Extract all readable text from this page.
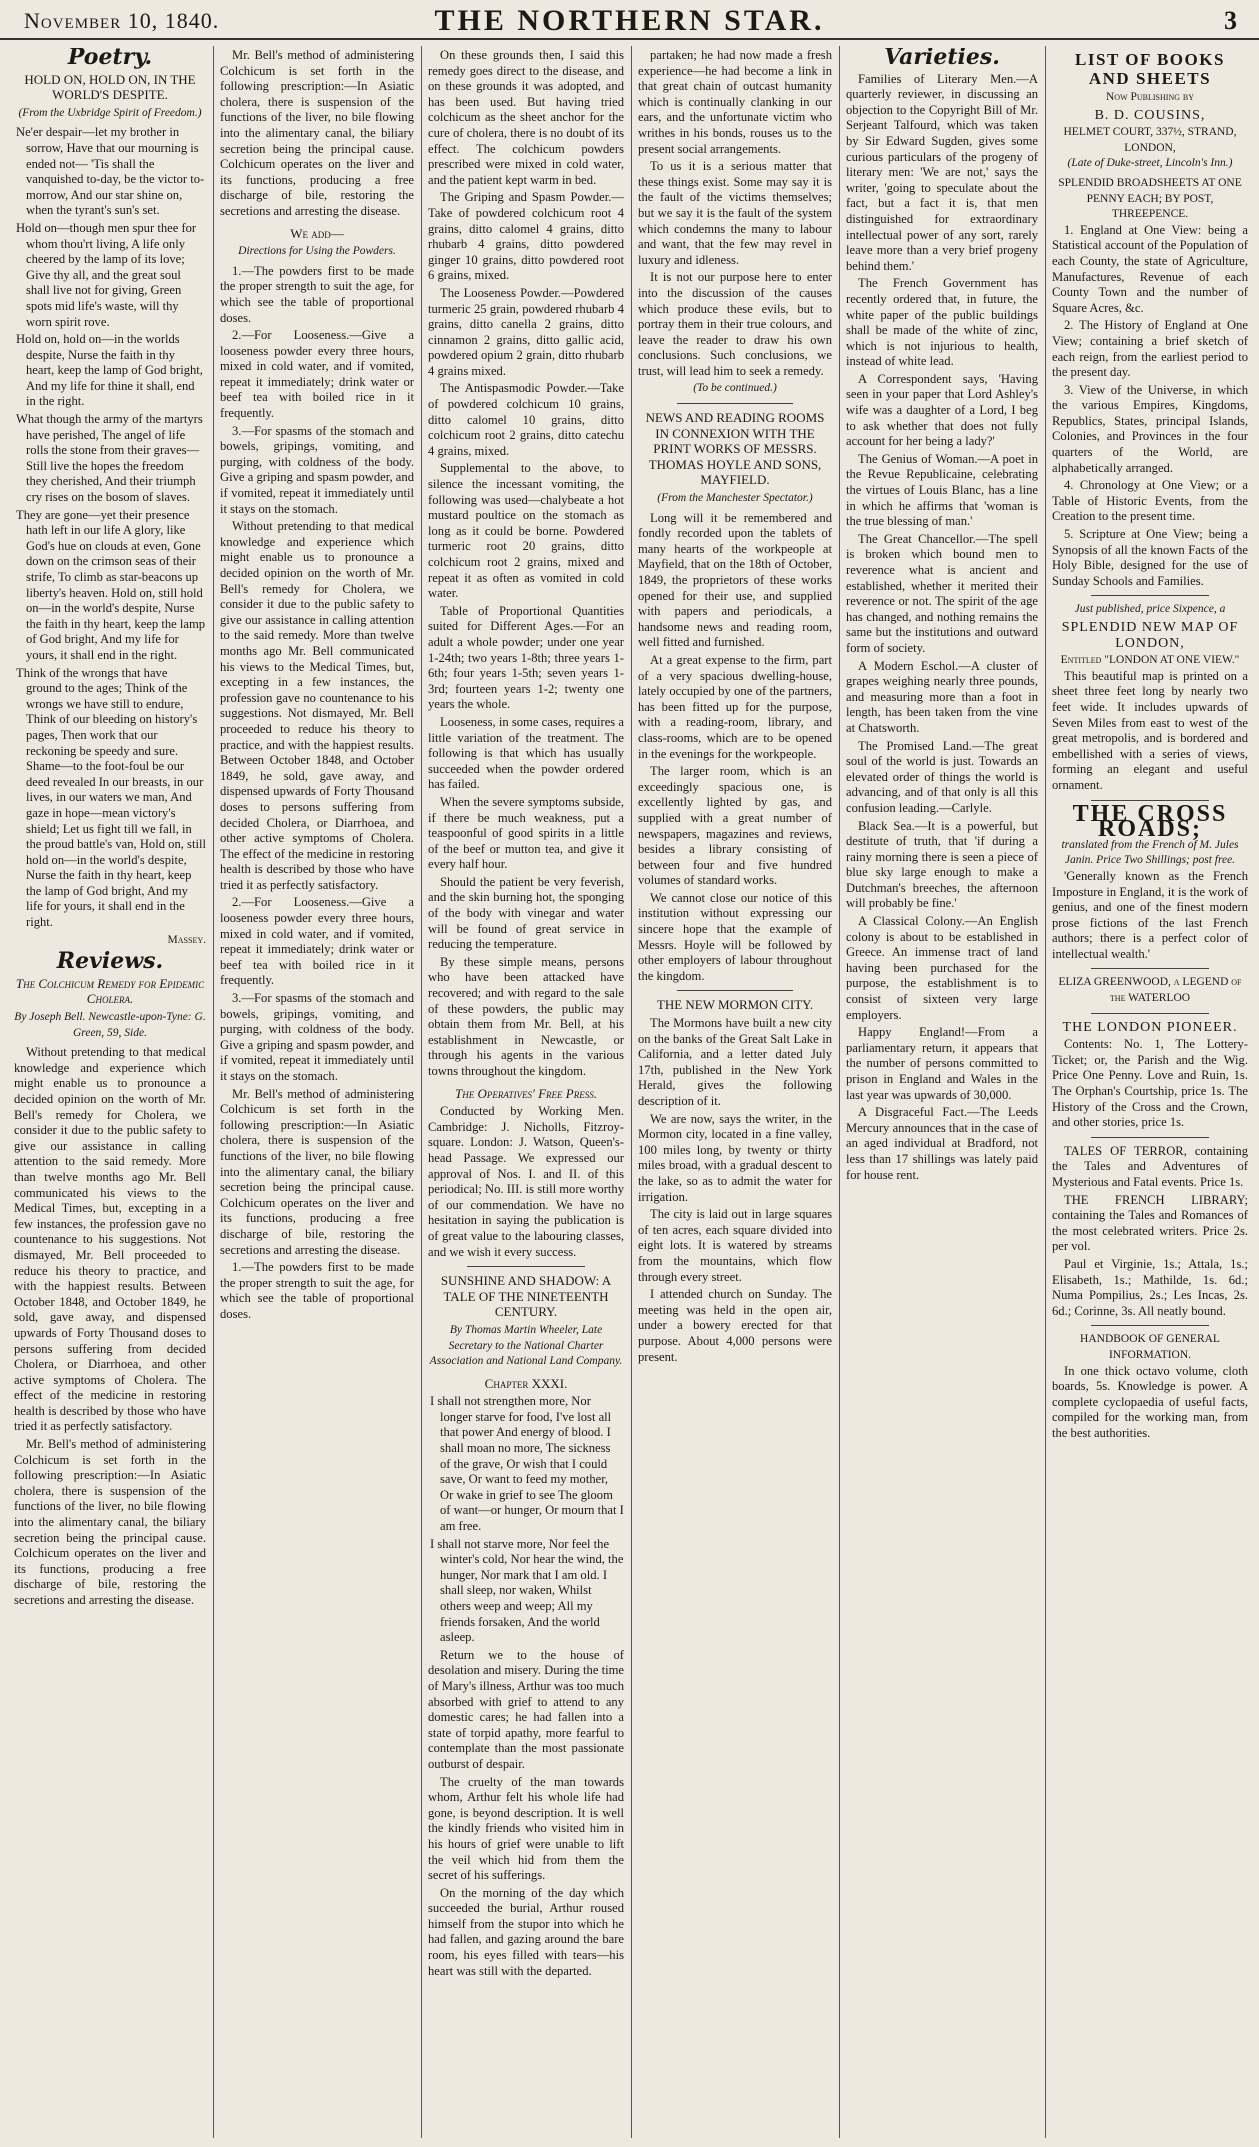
November 10, 1840.	THE NORTHERN STAR.	3
Poetry.
HOLD ON, HOLD ON, IN THE WORLD'S DESPITE.
(From the Uxbridge Spirit of Freedom.)

Ne'er despair—let my brother in sorrow, Have that our mourning is ended not— 'Tis shall the vanquished to-day, be the victor to-morrow, And our star shine on, when the tyrant's sun's set.

Hold on—though men spur thee for whom thou'rt living, A life only cheered by the lamp of its love; Give thy all, and the great soul shall live not for giving, Green spots mid life's waste, will thy worn spirit rove.

Hold on, hold on—in the worlds despite, Nurse the faith in thy heart, keep the lamp of God bright, And my life for thine it shall, end in the right.

What though the army of the martyrs have perished, The angel of life rolls the stone from their graves— Still live the hopes the freedom they cherished, And their triumph cry rises on the bosom of slaves.

They are gone—yet their presence hath left in our life A glory, like God's hue on clouds at even, Gone down on the crimson seas of their strife, To climb as star-beacons up liberty's heaven. Hold on, still hold on—in the world's despite, Nurse the faith in thy heart, keep the lamp of God bright, And my life for yours, it shall end in the right.

Think of the wrongs that have ground to the ages; Think of the wrongs we have still to endure, Think of our bleeding on history's pages, Then work that our reckoning be speedy and sure. Shame—to the foot-foul be our deed revealed In our breasts, in our lives, in our waters we man, And gaze in hope—mean victory's shield; Let us fight till we fall, in the proud battle's van, Hold on, still hold on—in the world's despite, Nurse the faith in thy heart, keep the lamp of God bright, And my life for yours, it shall end in the right.

Massey.
Reviews.
The Colchicum Remedy for Epidemic Cholera.
By Joseph Bell. Newcastle-upon-Tyne: G. Green, 59, Side.

Without pretending to that medical knowledge and experience which might enable us to pronounce a decided opinion on the worth of Mr. Bell's remedy for Cholera, we consider it due to the public safety to give our assistance in calling attention to the said remedy. More than twelve months ago Mr. Bell communicated his views to the Medical Times, but, excepting in a few instances, the profession gave no countenance to his suggestions. Not dismayed, Mr. Bell proceeded to reduce his theory to practice, and with the happiest results. Between October 1848, and October 1849, he sold, gave away, and dispensed upwards of Forty Thousand doses to persons suffering from decided Cholera, or Diarrhoea, and other active symptoms of Cholera. The effect of the medicine in restoring health is described by those who have tried it as perfectly satisfactory.

Mr. Bell's method of administering Colchicum is set forth in the following prescription:—In Asiatic cholera, there is suspension of the functions of the liver, no bile flowing into the alimentary canal, the biliary secretion being the principal cause. Colchicum operates on the liver and its functions, producing a free discharge of bile, restoring the secretions and arresting the disease.

Mr. Bell's method of administering Colchicum is set forth in the following prescription:—In Asiatic cholera, there is suspension of the functions of the liver, no bile flowing into the alimentary canal, the biliary secretion being the principal cause. Colchicum operates on the liver and its functions, producing a free discharge of bile, restoring the secretions and arresting the disease.

We add—
Directions for Using the Powders.

1.—The powders first to be made the proper strength to suit the age, for which see the table of proportional doses.

2.—For Looseness.—Give a looseness powder every three hours, mixed in cold water, and if vomited, repeat it immediately; drink water or beef tea with boiled rice in it frequently.

3.—For spasms of the stomach and bowels, gripings, vomiting, and purging, with coldness of the body. Give a griping and spasm powder, and if vomited, repeat it immediately until it stays on the stomach.

Without pretending to that medical knowledge and experience which might enable us to pronounce a decided opinion on the worth of Mr. Bell's remedy for Cholera, we consider it due to the public safety to give our assistance in calling attention to the said remedy. More than twelve months ago Mr. Bell communicated his views to the Medical Times, but, excepting in a few instances, the profession gave no countenance to his suggestions. Not dismayed, Mr. Bell proceeded to reduce his theory to practice, and with the happiest results. Between October 1848, and October 1849, he sold, gave away, and dispensed upwards of Forty Thousand doses to persons suffering from decided Cholera, or Diarrhoea, and other active symptoms of Cholera. The effect of the medicine in restoring health is described by those who have tried it as perfectly satisfactory.

2.—For Looseness.—Give a looseness powder every three hours, mixed in cold water, and if vomited, repeat it immediately; drink water or beef tea with boiled rice in it frequently.

3.—For spasms of the stomach and bowels, gripings, vomiting, and purging, with coldness of the body. Give a griping and spasm powder, and if vomited, repeat it immediately until it stays on the stomach.

Mr. Bell's method of administering Colchicum is set forth in the following prescription:—In Asiatic cholera, there is suspension of the functions of the liver, no bile flowing into the alimentary canal, the biliary secretion being the principal cause. Colchicum operates on the liver and its functions, producing a free discharge of bile, restoring the secretions and arresting the disease.

1.—The powders first to be made the proper strength to suit the age, for which see the table of proportional doses.

On these grounds then, I said this remedy goes direct to the disease, and on these grounds it was adopted, and has been used. But having tried colchicum as the sheet anchor for the cure of cholera, there is no doubt of its effect. The colchicum powders prescribed were mixed in cold water, and the patient kept warm in bed.

The Griping and Spasm Powder.—Take of powdered colchicum root 4 grains, ditto calomel 4 grains, ditto rhubarb 4 grains, ditto powdered ginger 10 grains, ditto powdered root 6 grains, mixed.

The Looseness Powder.—Powdered turmeric 25 grain, powdered rhubarb 4 grains, ditto canella 2 grains, ditto cinnamon 2 grains, ditto gallic acid, powdered opium 2 grain, ditto rhubarb 4 grains mixed.

The Antispasmodic Powder.—Take of powdered colchicum 10 grains, ditto calomel 10 grains, ditto colchicum root 2 grains, ditto catechu 4 grains, mixed.

Supplemental to the above, to silence the incessant vomiting, the following was used—chalybeate a hot mustard poultice on the stomach as long as it could be borne. Powdered turmeric root 20 grains, ditto colchicum root 2 grains, mixed and repeat it as often as vomited in cold water.

Table of Proportional Quantities suited for Different Ages.—For an adult a whole powder; under one year 1-24th; two years 1-8th; three years 1-6th; four years 1-5th; seven years 1-3rd; fourteen years 1-2; twenty one years the whole.

Looseness, in some cases, requires a little variation of the treatment. The following is that which has usually succeeded when the powder ordered has failed.

When the severe symptoms subside, if there be much weakness, put a teaspoonful of good spirits in a little of the beef or mutton tea, and give it every half hour.

Should the patient be very feverish, and the skin burning hot, the sponging of the body with vinegar and water will be found of great service in reducing the temperature.

By these simple means, persons who have been attacked have recovered; and with regard to the sale of these powders, the public may obtain them from Mr. Bell, at his establishment in Newcastle, or through his agents in the various towns throughout the kingdom.

The Operatives' Free Press.

Conducted by Working Men. Cambridge: J. Nicholls, Fitzroy-square. London: J. Watson, Queen's-head Passage. We expressed our approval of Nos. I. and II. of this periodical; No. III. is still more worthy of our commendation. We have no hesitation in saying the publication is of great value to the labouring classes, and we wish it every success.

SUNSHINE AND SHADOW: A TALE OF THE NINETEENTH CENTURY.
By Thomas Martin Wheeler, Late Secretary to the National Charter Association and National Land Company.
Chapter XXXI.

I shall not strengthen more, Nor longer starve for food, I've lost all that power And energy of blood. I shall moan no more, The sickness of the grave, Or wish that I could save, Or want to feed my mother, Or wake in grief to see The gloom of want—or hunger, Or mourn that I am free.

I shall not starve more, Nor feel the winter's cold, Nor hear the wind, the hunger, Nor mark that I am old. I shall sleep, nor waken, Whilst others weep and weep; All my friends forsaken, And the world asleep.

Return we to the house of desolation and misery. During the time of Mary's illness, Arthur was too much absorbed with grief to attend to any domestic cares; he had fallen into a state of torpid apathy, more fearful to contemplate than the most passionate outburst of despair.

The cruelty of the man towards whom, Arthur felt his whole life had gone, is beyond description. It is well the kindly friends who visited him in his hours of grief were unable to lift the veil which hid from them the secret of his sufferings.

On the morning of the day which succeeded the burial, Arthur roused himself from the stupor into which he had fallen, and gazing around the bare room, his eyes filled with tears—his heart was still with the departed.

partaken; he had now made a fresh experience—he had become a link in that great chain of outcast humanity which is continually clanking in our ears, and the unfortunate victim who writhes in his bonds, rouses us to the present social arrangements.

To us it is a serious matter that these things exist. Some may say it is the fault of the victims themselves; but we say it is the fault of the system which condemns the many to labour and want, that the few may revel in luxury and idleness.

It is not our purpose here to enter into the discussion of the causes which produce these evils, but to portray them in their true colours, and leave the reader to draw his own conclusions. Such conclusions, we trust, will lead him to seek a remedy.

(To be continued.)
NEWS AND READING ROOMS IN CONNEXION WITH THE PRINT WORKS OF MESSRS. THOMAS HOYLE AND SONS, MAYFIELD.
(From the Manchester Spectator.)

Long will it be remembered and fondly recorded upon the tablets of many hearts of the workpeople at Mayfield, that on the 18th of October, 1849, the proprietors of these works opened for their use, and supplied with papers and periodicals, a handsome news and reading room, well fitted and furnished.

At a great expense to the firm, part of a very spacious dwelling-house, lately occupied by one of the partners, has been fitted up for the purpose, with a reading-room, library, and class-rooms, which are to be opened in the evenings for the workpeople.

The larger room, which is an exceedingly spacious one, is excellently lighted by gas, and supplied with a great number of newspapers, magazines and reviews, besides a library consisting of between four and five hundred volumes of standard works.

We cannot close our notice of this institution without expressing our sincere hope that the example of Messrs. Hoyle will be followed by other employers of labour throughout the kingdom.

THE NEW MORMON CITY.

The Mormons have built a new city on the banks of the Great Salt Lake in California, and a letter dated July 17th, published in the New York Herald, gives the following description of it.

We are now, says the writer, in the Mormon city, located in a fine valley, 100 miles long, by twenty or thirty miles broad, with a gradual descent to the lake, so as to admit the water for irrigation.

The city is laid out in large squares of ten acres, each square divided into eight lots. It is watered by streams from the mountains, which flow through every street.

I attended church on Sunday. The meeting was held in the open air, under a bowery erected for that purpose. About 4,000 persons were present.

Varieties.

Families of Literary Men.—A quarterly reviewer, in discussing an objection to the Copyright Bill of Mr. Serjeant Talfourd, which was taken by Sir Edward Sugden, gives some curious particulars of the progeny of literary men: 'We are not,' says the writer, 'going to speculate about the fact, but a fact it is, that men distinguished for extraordinary intellectual power of any sort, rarely leave more than a very brief progeny behind them.'

The French Government has recently ordered that, in future, the white paper of the public buildings shall be made of the white of zinc, which is not injurious to health, instead of white lead.

A Correspondent says, 'Having seen in your paper that Lord Ashley's wife was a daughter of a Lord, I beg to ask whether that does not fully account for her being a lady?'

The Genius of Woman.—A poet in the Revue Republicaine, celebrating the virtues of Louis Blanc, has a line in which he affirms that 'woman is the true blessing of man.'

The Great Chancellor.—The spell is broken which bound men to reverence what is ancient and established, whether it merited their reverence or not. The spirit of the age has changed, and nothing remains the same but the institutions and outward form of society.

A Modern Eschol.—A cluster of grapes weighing nearly three pounds, and measuring more than a foot in length, has been taken from the vine at Chatsworth.

The Promised Land.—The great soul of the world is just. Towards an elevated order of things the world is advancing, and of that only is all this confusion leading.—Carlyle.

Black Sea.—It is a powerful, but destitute of truth, that 'if during a rainy morning there is seen a piece of blue sky large enough to make a Dutchman's breeches, the afternoon will probably be fine.'

A Classical Colony.—An English colony is about to be established in Greece. An immense tract of land having been purchased for the purpose, the establishment is to consist of sixteen very large employers.

Happy England!—From a parliamentary return, it appears that the number of persons committed to prison in England and Wales in the last year was upwards of 30,000.

A Disgraceful Fact.—The Leeds Mercury announces that in the case of an aged individual at Bradford, not less than 17 shillings was lately paid for house rent.

LIST OF BOOKS AND SHEETS
Now Publishing by
B. D. COUSINS,
HELMET COURT, 337½, STRAND, LONDON,
(Late of Duke-street, Lincoln's Inn.)
SPLENDID BROADSHEETS AT ONE PENNY EACH; BY POST, THREEPENCE.

1. England at One View: being a Statistical account of the Population of each County, the state of Agriculture, Manufactures, Revenue of each County Town and the number of Square Acres, &c.

2. The History of England at One View; containing a brief sketch of each reign, from the earliest period to the present day.

3. View of the Universe, in which the various Empires, Kingdoms, Republics, States, principal Islands, Colonies, and Provinces in the four quarters of the World, are alphabetically arranged.

4. Chronology at One View; or a Table of Historic Events, from the Creation to the present time.

5. Scripture at One View; being a Synopsis of all the known Facts of the Holy Bible, designed for the use of Sunday Schools and Families.

Just published, price Sixpence, a
SPLENDID NEW MAP OF LONDON,
Entitled "LONDON AT ONE VIEW."

This beautiful map is printed on a sheet three feet long by nearly two feet wide. It includes upwards of Seven Miles from east to west of the great metropolis, and is bordered and embellished with a series of views, forming an elegant and useful ornament.

THE CROSS ROADS;
translated from the French of M. Jules Janin. Price Two Shillings; post free.

'Generally known as the French Imposture in England, it is the work of genius, and one of the finest modern prose fictions of the last French authors; there is a perfect color of intellectual wealth.'

ELIZA GREENWOOD, a LEGEND of the WATERLOO
THE LONDON PIONEER.

Contents: No. 1, The Lottery-Ticket; or, the Parish and the Wig. Price One Penny. Love and Ruin, 1s. The Orphan's Courtship, price 1s. The History of the Cross and the Crown, and other stories, price 1s.

TALES OF TERROR, containing the Tales and Adventures of Mysterious and Fatal events. Price 1s.

THE FRENCH LIBRARY; containing the Tales and Romances of the most celebrated writers. Price 2s. per vol.

Paul et Virginie, 1s.; Attala, 1s.; Elisabeth, 1s.; Mathilde, 1s. 6d.; Numa Pompilius, 2s.; Les Incas, 2s. 6d.; Corinne, 3s. All neatly bound.

HANDBOOK OF GENERAL INFORMATION.

In one thick octavo volume, cloth boards, 5s. Knowledge is power. A complete cyclopaedia of useful facts, compiled for the working man, from the best authorities.
